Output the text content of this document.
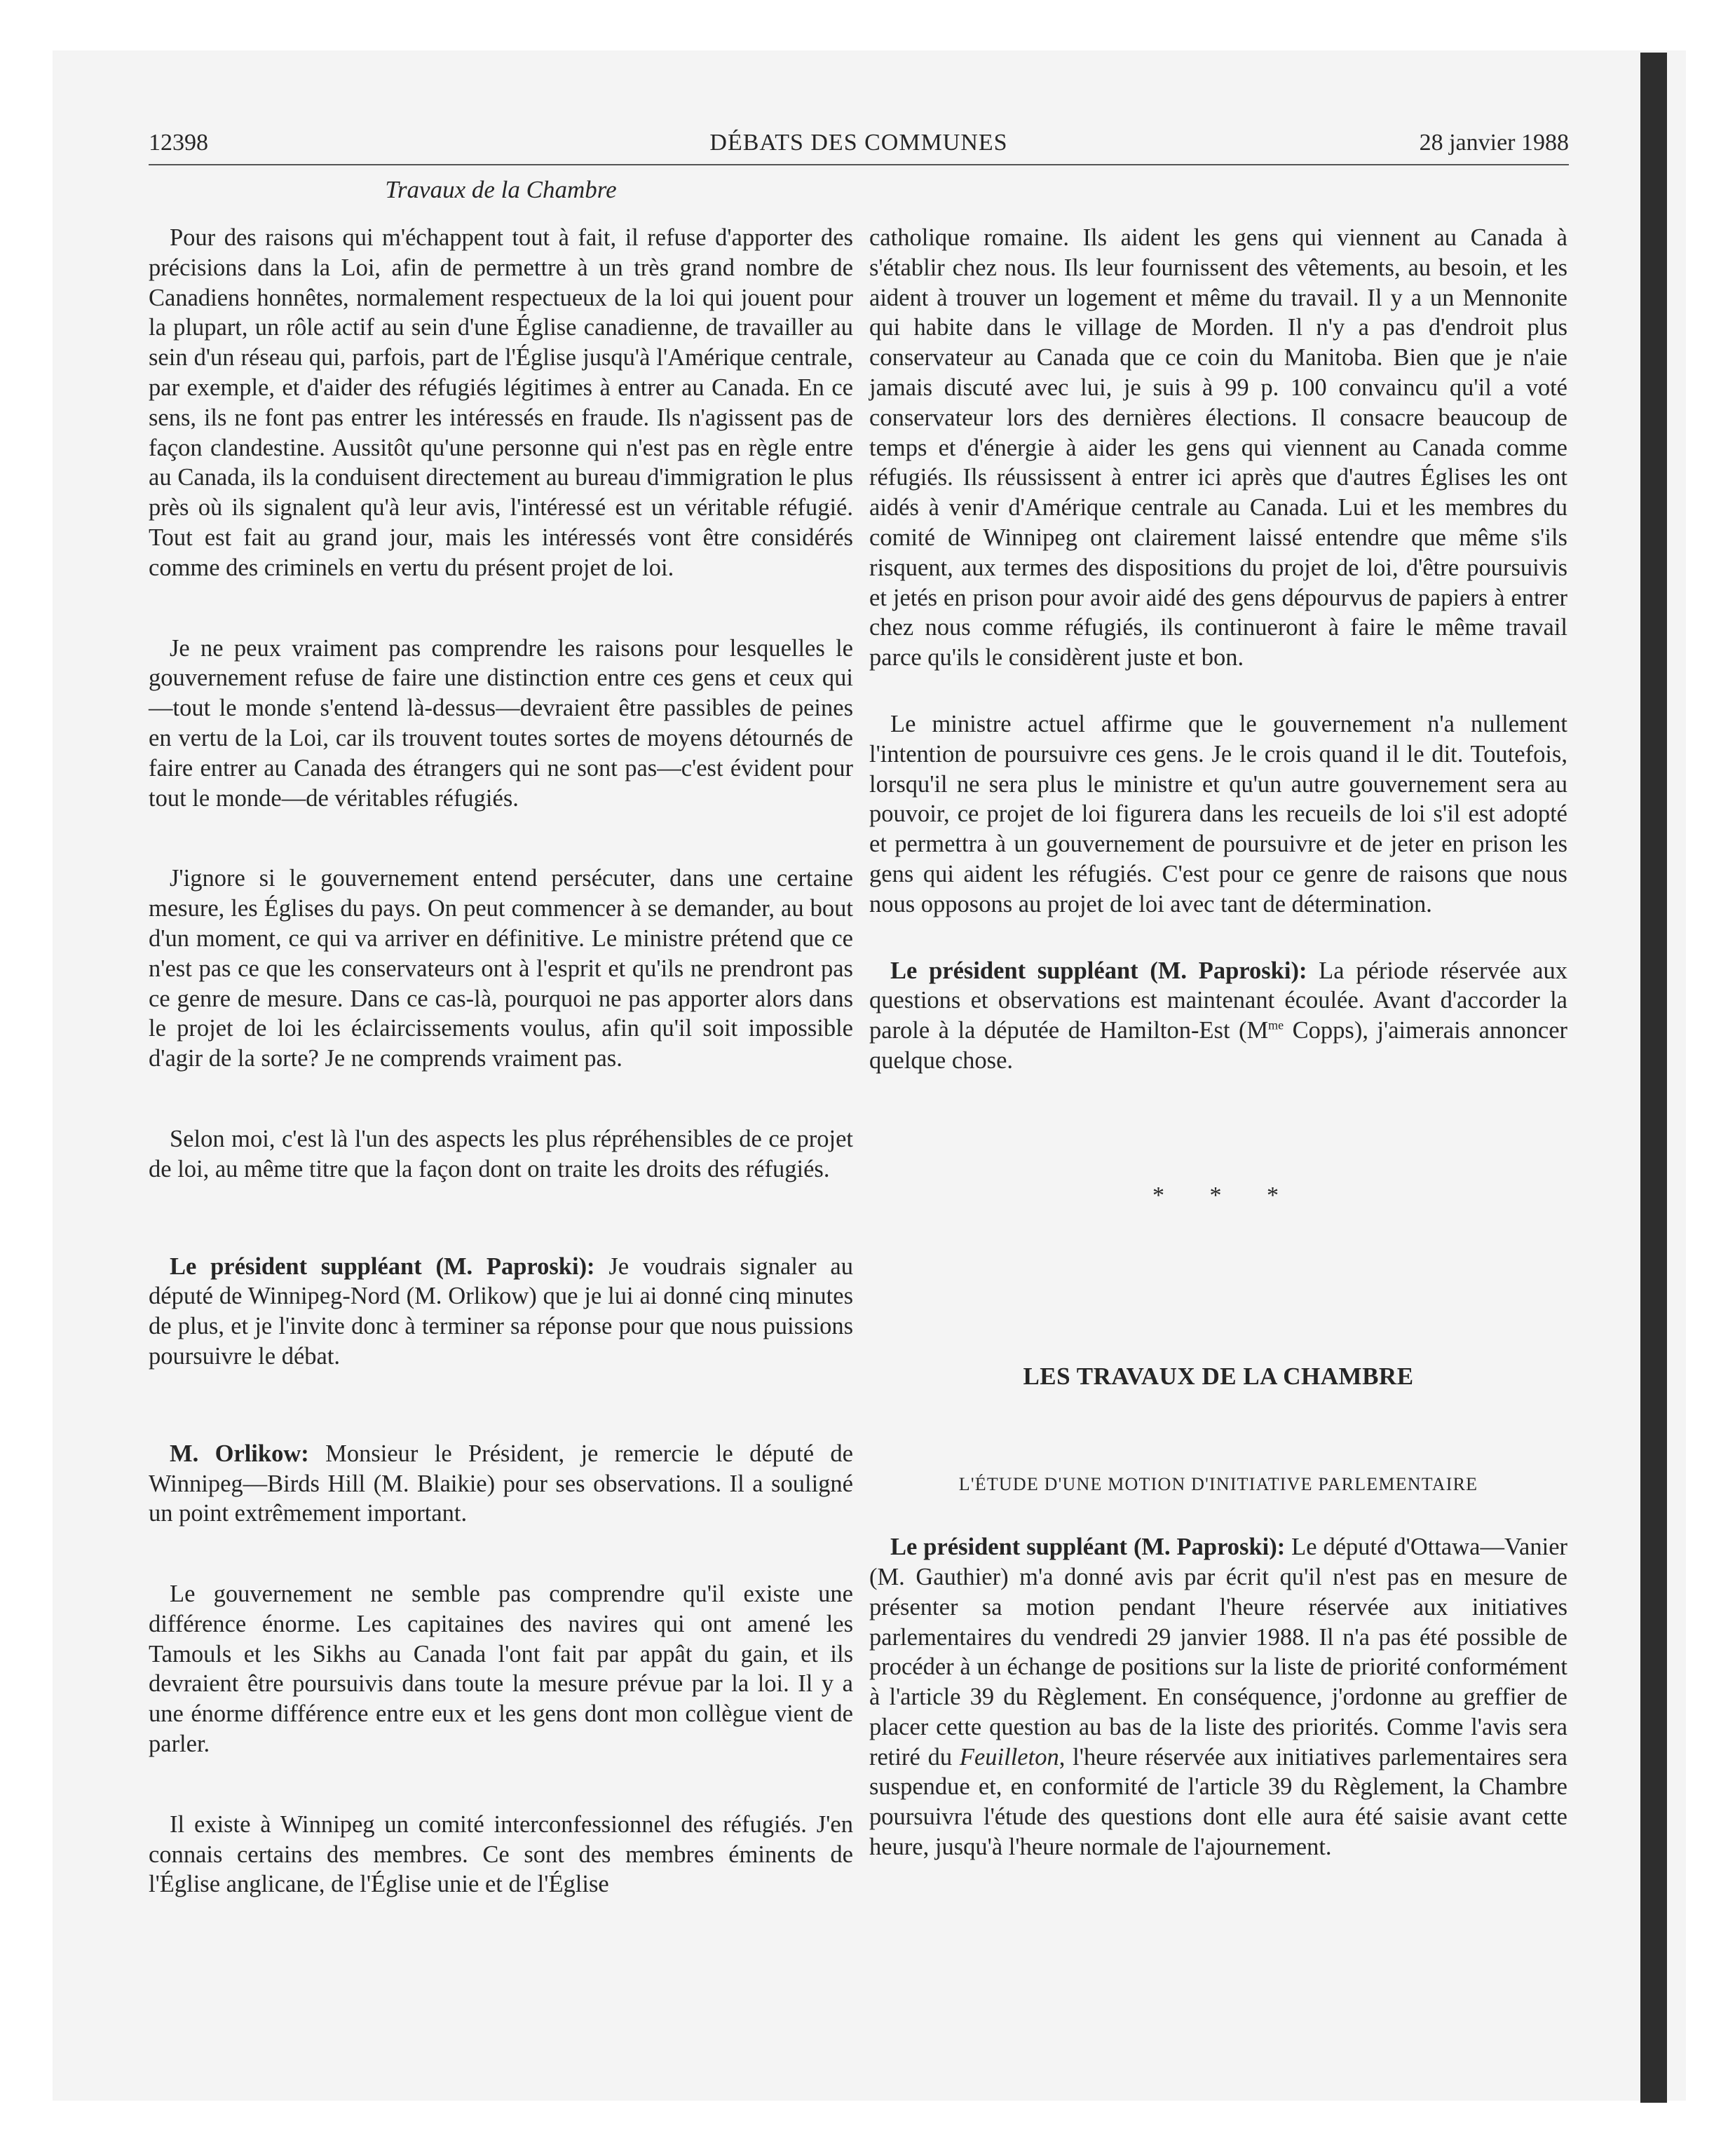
12398	DÉBATS DES COMMUNES	28 janvier 1988
Travaux de la Chambre

Pour des raisons qui m'échappent tout à fait, il refuse d'apporter des précisions dans la Loi, afin de permettre à un très grand nombre de Canadiens honnêtes, normalement respectueux de la loi qui jouent pour la plupart, un rôle actif au sein d'une Église canadienne, de travailler au sein d'un réseau qui, parfois, part de l'Église jusqu'à l'Amérique centrale, par exemple, et d'aider des réfugiés légitimes à entrer au Canada. En ce sens, ils ne font pas entrer les intéressés en fraude. Ils n'agissent pas de façon clandestine. Aussitôt qu'une personne qui n'est pas en règle entre au Canada, ils la conduisent directement au bureau d'immigration le plus près où ils signalent qu'à leur avis, l'intéressé est un véritable réfugié. Tout est fait au grand jour, mais les intéressés vont être considérés comme des criminels en vertu du présent projet de loi.

Je ne peux vraiment pas comprendre les raisons pour lesquelles le gouvernement refuse de faire une distinction entre ces gens et ceux qui—tout le monde s'entend là-dessus—devraient être passibles de peines en vertu de la Loi, car ils trouvent toutes sortes de moyens détournés de faire entrer au Canada des étrangers qui ne sont pas—c'est évident pour tout le monde—de véritables réfugiés.

J'ignore si le gouvernement entend persécuter, dans une certaine mesure, les Églises du pays. On peut commencer à se demander, au bout d'un moment, ce qui va arriver en définitive. Le ministre prétend que ce n'est pas ce que les conservateurs ont à l'esprit et qu'ils ne prendront pas ce genre de mesure. Dans ce cas-là, pourquoi ne pas apporter alors dans le projet de loi les éclaircissements voulus, afin qu'il soit impossible d'agir de la sorte? Je ne comprends vraiment pas.

Selon moi, c'est là l'un des aspects les plus répréhensibles de ce projet de loi, au même titre que la façon dont on traite les droits des réfugiés.

Le président suppléant (M. Paproski): Je voudrais signaler au député de Winnipeg-Nord (M. Orlikow) que je lui ai donné cinq minutes de plus, et je l'invite donc à terminer sa réponse pour que nous puissions poursuivre le débat.

M. Orlikow: Monsieur le Président, je remercie le député de Winnipeg—Birds Hill (M. Blaikie) pour ses observations. Il a souligné un point extrêmement important.

Le gouvernement ne semble pas comprendre qu'il existe une différence énorme. Les capitaines des navires qui ont amené les Tamouls et les Sikhs au Canada l'ont fait par appât du gain, et ils devraient être poursuivis dans toute la mesure prévue par la loi. Il y a une énorme différence entre eux et les gens dont mon collègue vient de parler.

Il existe à Winnipeg un comité interconfessionnel des réfugiés. J'en connais certains des membres. Ce sont des membres éminents de l'Église anglicane, de l'Église unie et de l'Église

catholique romaine. Ils aident les gens qui viennent au Canada à s'établir chez nous. Ils leur fournissent des vêtements, au besoin, et les aident à trouver un logement et même du travail. Il y a un Mennonite qui habite dans le village de Morden. Il n'y a pas d'endroit plus conservateur au Canada que ce coin du Manitoba. Bien que je n'aie jamais discuté avec lui, je suis à 99 p. 100 convaincu qu'il a voté conservateur lors des dernières élections. Il consacre beaucoup de temps et d'énergie à aider les gens qui viennent au Canada comme réfugiés. Ils réussissent à entrer ici après que d'autres Églises les ont aidés à venir d'Amérique centrale au Canada. Lui et les membres du comité de Winnipeg ont clairement laissé entendre que même s'ils risquent, aux termes des dispositions du projet de loi, d'être poursuivis et jetés en prison pour avoir aidé des gens dépourvus de papiers à entrer chez nous comme réfugiés, ils continueront à faire le même travail parce qu'ils le considèrent juste et bon.

Le ministre actuel affirme que le gouvernement n'a nullement l'intention de poursuivre ces gens. Je le crois quand il le dit. Toutefois, lorsqu'il ne sera plus le ministre et qu'un autre gouvernement sera au pouvoir, ce projet de loi figurera dans les recueils de loi s'il est adopté et permettra à un gouvernement de poursuivre et de jeter en prison les gens qui aident les réfugiés. C'est pour ce genre de raisons que nous nous opposons au projet de loi avec tant de détermination.

Le président suppléant (M. Paproski): La période réservée aux questions et observations est maintenant écoulée. Avant d'accorder la parole à la députée de Hamilton-Est ($M^{me}$ Copps), j'aimerais annoncer quelque chose.

* * *
LES TRAVAUX DE LA CHAMBRE
L'ÉTUDE D'UNE MOTION D'INITIATIVE PARLEMENTAIRE

Le président suppléant (M. Paproski): Le député d'Ottawa—Vanier (M. Gauthier) m'a donné avis par écrit qu'il n'est pas en mesure de présenter sa motion pendant l'heure réservée aux initiatives parlementaires du vendredi 29 janvier 1988. Il n'a pas été possible de procéder à un échange de positions sur la liste de priorité conformément à l'article 39 du Règlement. En conséquence, j'ordonne au greffier de placer cette question au bas de la liste des priorités. Comme l'avis sera retiré du Feuilleton, l'heure réservée aux initiatives parlementaires sera suspendue et, en conformité de l'article 39 du Règlement, la Chambre poursuivra l'étude des questions dont elle aura été saisie avant cette heure, jusqu'à l'heure normale de l'ajournement.
